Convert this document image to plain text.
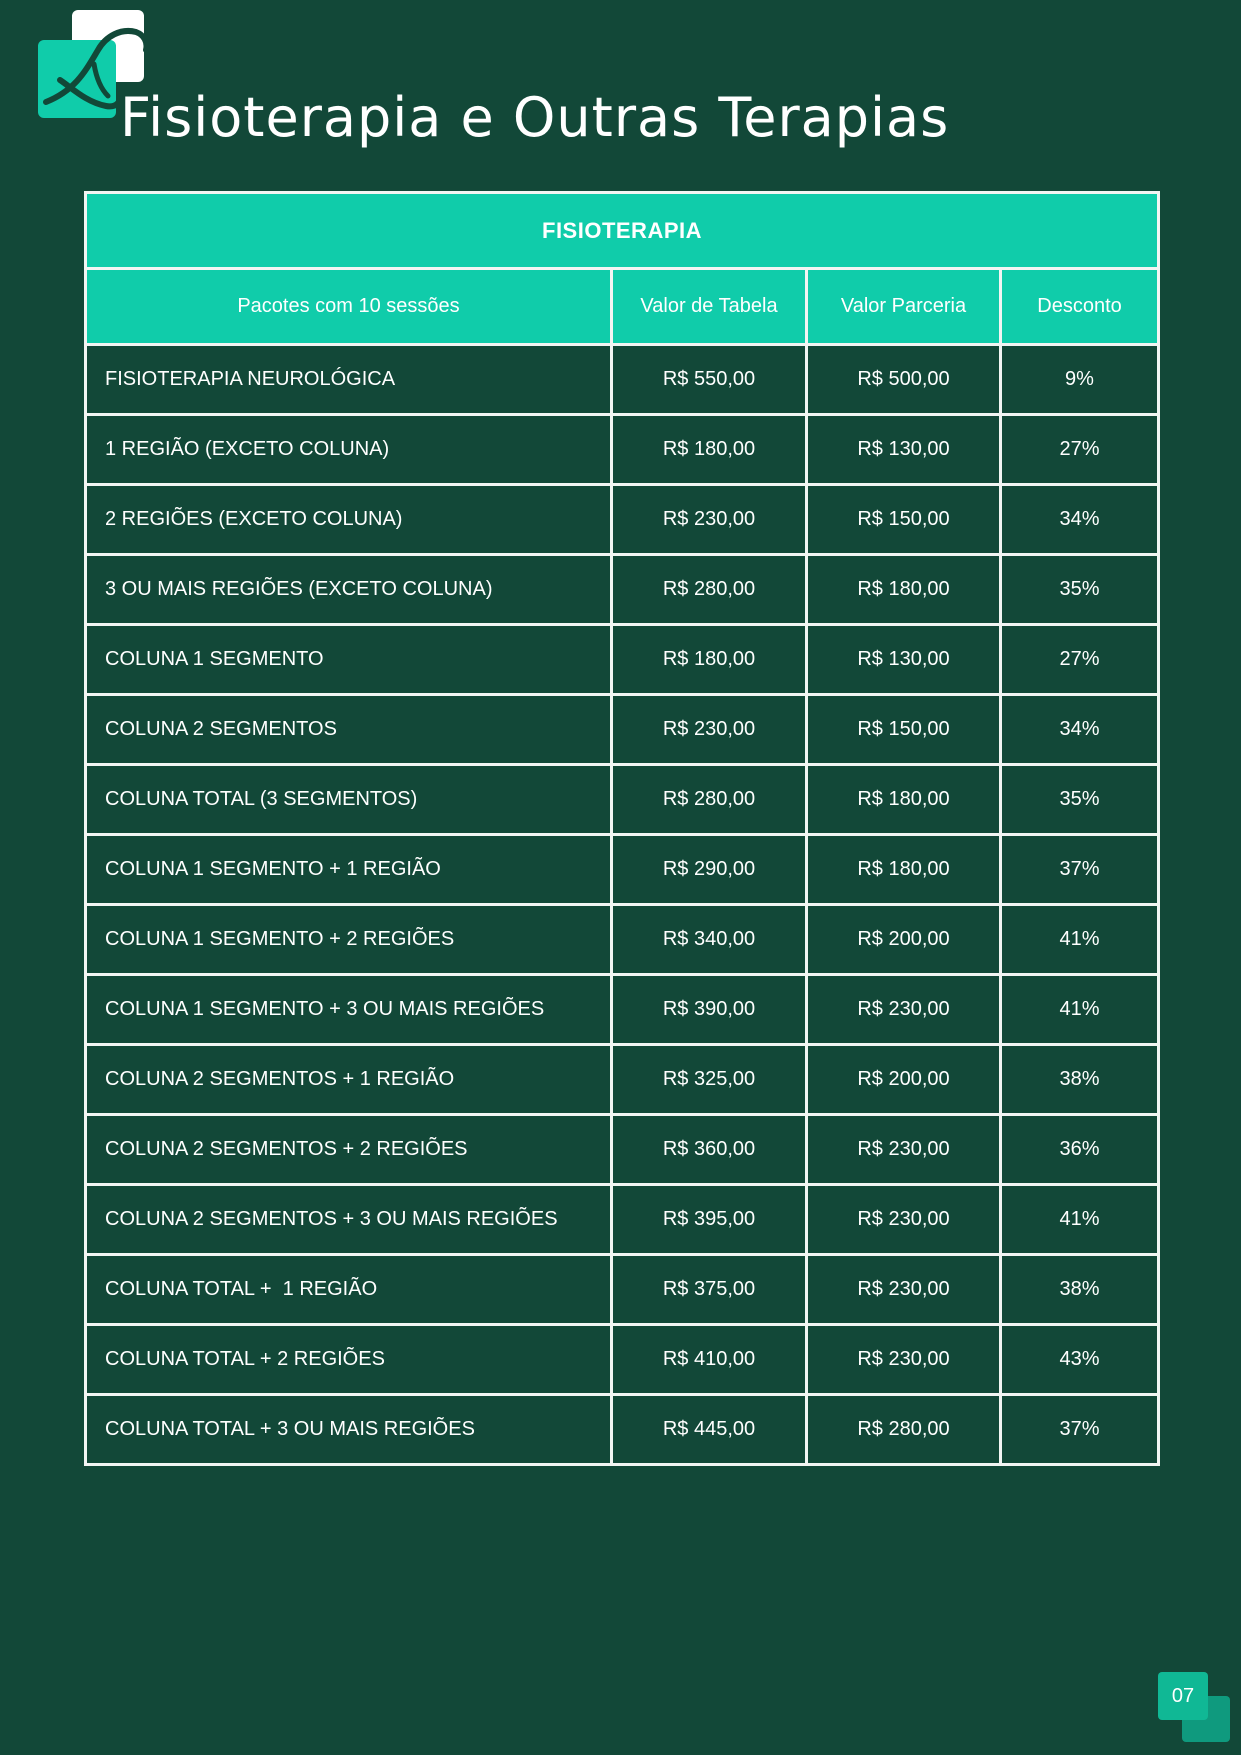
Fisioterapia e Outras Terapias
FISIOTERAPIA			
Pacotes com 10 sessões	Valor de Tabela	Valor Parceria	Desconto
FISIOTERAPIA NEUROLÓGICA	R$ 550,00	R$ 500,00	9%
1 REGIÃO (EXCETO COLUNA)	R$ 180,00	R$ 130,00	27%
2 REGIÕES (EXCETO COLUNA)	R$ 230,00	R$ 150,00	34%
3 OU MAIS REGIÕES (EXCETO COLUNA)	R$ 280,00	R$ 180,00	35%
COLUNA 1 SEGMENTO	R$ 180,00	R$ 130,00	27%
COLUNA 2 SEGMENTOS	R$ 230,00	R$ 150,00	34%
COLUNA TOTAL (3 SEGMENTOS)	R$ 280,00	R$ 180,00	35%
COLUNA 1 SEGMENTO + 1 REGIÃO	R$ 290,00	R$ 180,00	37%
COLUNA 1 SEGMENTO + 2 REGIÕES	R$ 340,00	R$ 200,00	41%
COLUNA 1 SEGMENTO + 3 OU MAIS REGIÕES	R$ 390,00	R$ 230,00	41%
COLUNA 2 SEGMENTOS + 1 REGIÃO	R$ 325,00	R$ 200,00	38%
COLUNA 2 SEGMENTOS + 2 REGIÕES	R$ 360,00	R$ 230,00	36%
COLUNA 2 SEGMENTOS + 3 OU MAIS REGIÕES	R$ 395,00	R$ 230,00	41%
COLUNA TOTAL +  1 REGIÃO	R$ 375,00	R$ 230,00	38%
COLUNA TOTAL + 2 REGIÕES	R$ 410,00	R$ 230,00	43%
COLUNA TOTAL + 3 OU MAIS REGIÕES	R$ 445,00	R$ 280,00	37%
07
